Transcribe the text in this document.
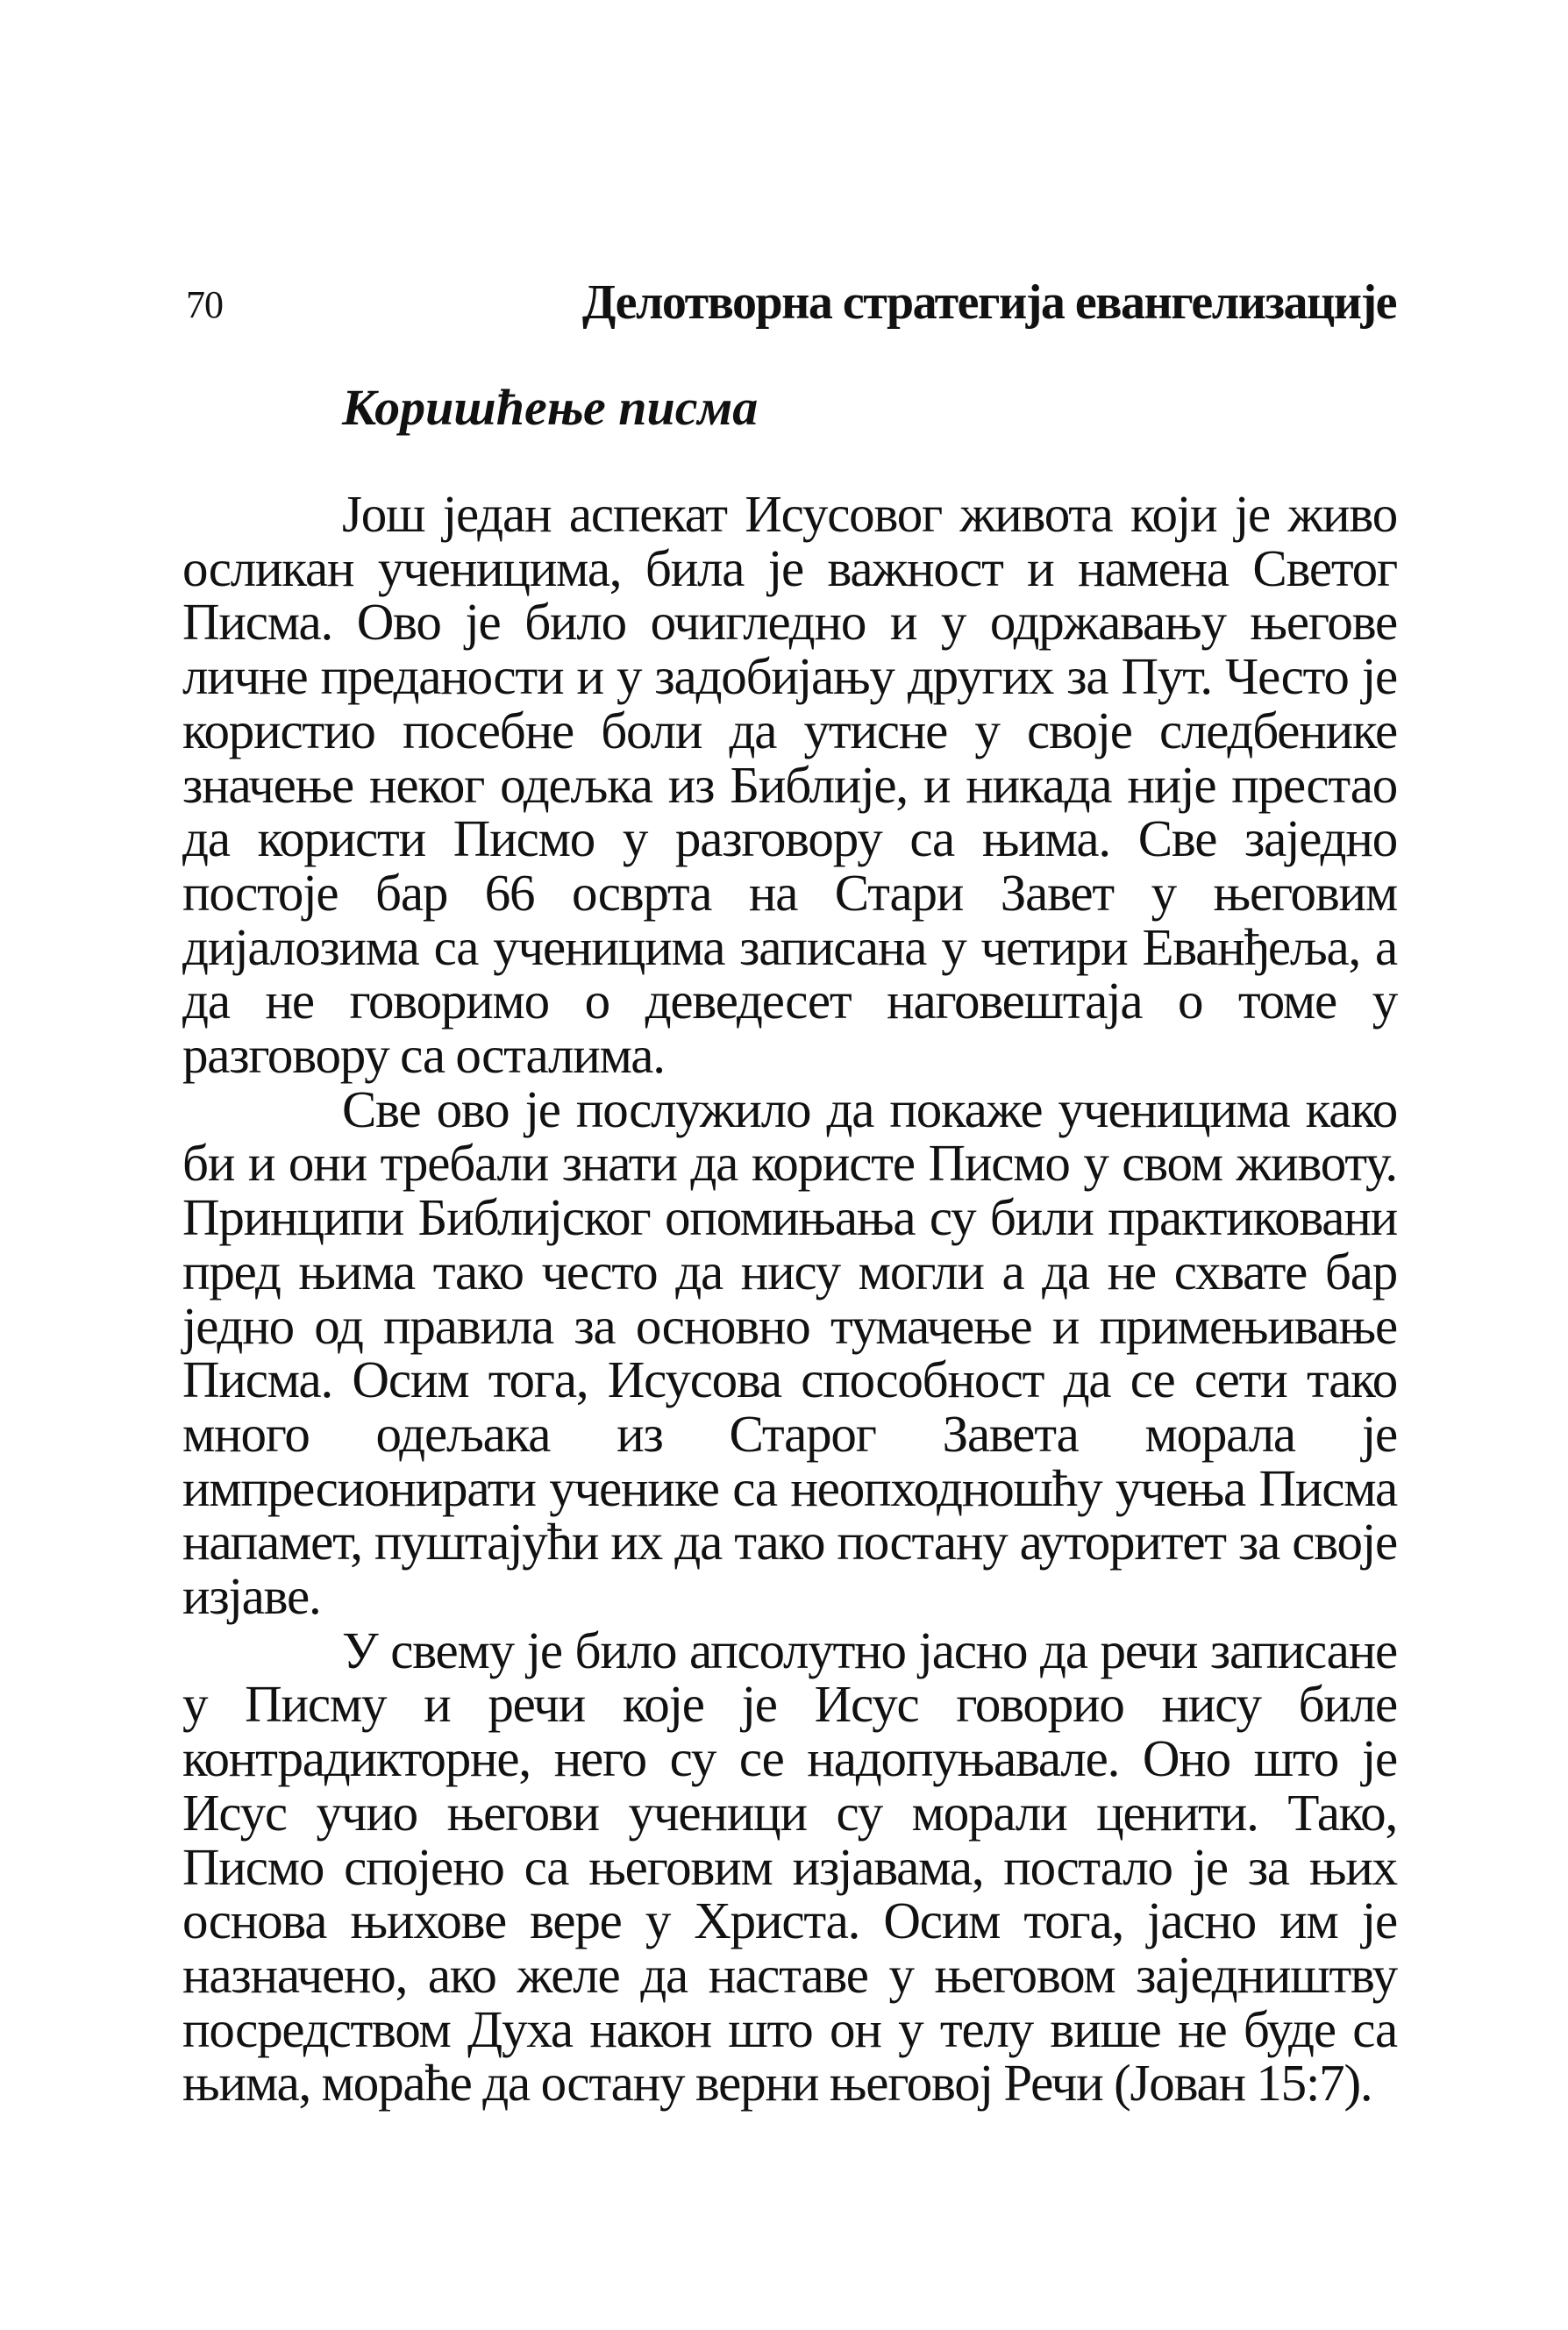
70	Делотворна стратегија евангелизације
Коришћење писма

Још један аспекат Исусовог живота који је живо осликан ученицима, била је важност и намена Светог Писма. Ово је било очигледно и у одржавању његове личне преданости и у задобијању других за Пут. Често је користио посебне боли да утисне у своје следбенике значење неког одељка из Библије, и никада није престао да користи Писмо у разговору са њима. Све заједно постоје бар 66 осврта на Стари Завет у његовим дијалозима са ученицима записана у четири Еванђеља, а да не говоримо о деведесет наговештаја о томе у разговору са осталима.

Све ово је послужило да покаже ученицима како би и они требали знати да користе Писмо у свом животу. Принципи Библијског опомињања су били практиковани пред њима тако често да нису могли а да не схвате бар једно од правила за основно тумачење и примењивање Писма. Осим тога, Исусова способност да се сети тако много одељака из Старог Завета морала је импресионирати ученике са неопходношћу учења Писма напамет, пуштајући их да тако постану ауторитет за своје изјаве.

У свему је било апсолутно јасно да речи записане у Писму и речи које је Исус говорио нису биле контрадикторне, него су се надопуњавале. Оно што је Исус учио његови ученици су морали ценити. Тако, Писмо спојено са његовим изјавама, постало је за њих основа њихове вере у Христа. Осим тога, јасно им је назначено, ако желе да наставе у његовом заједништву посредством Духа након што он у телу више не буде са њима, мораће да остану верни његовој Речи (Јован 15:7).
